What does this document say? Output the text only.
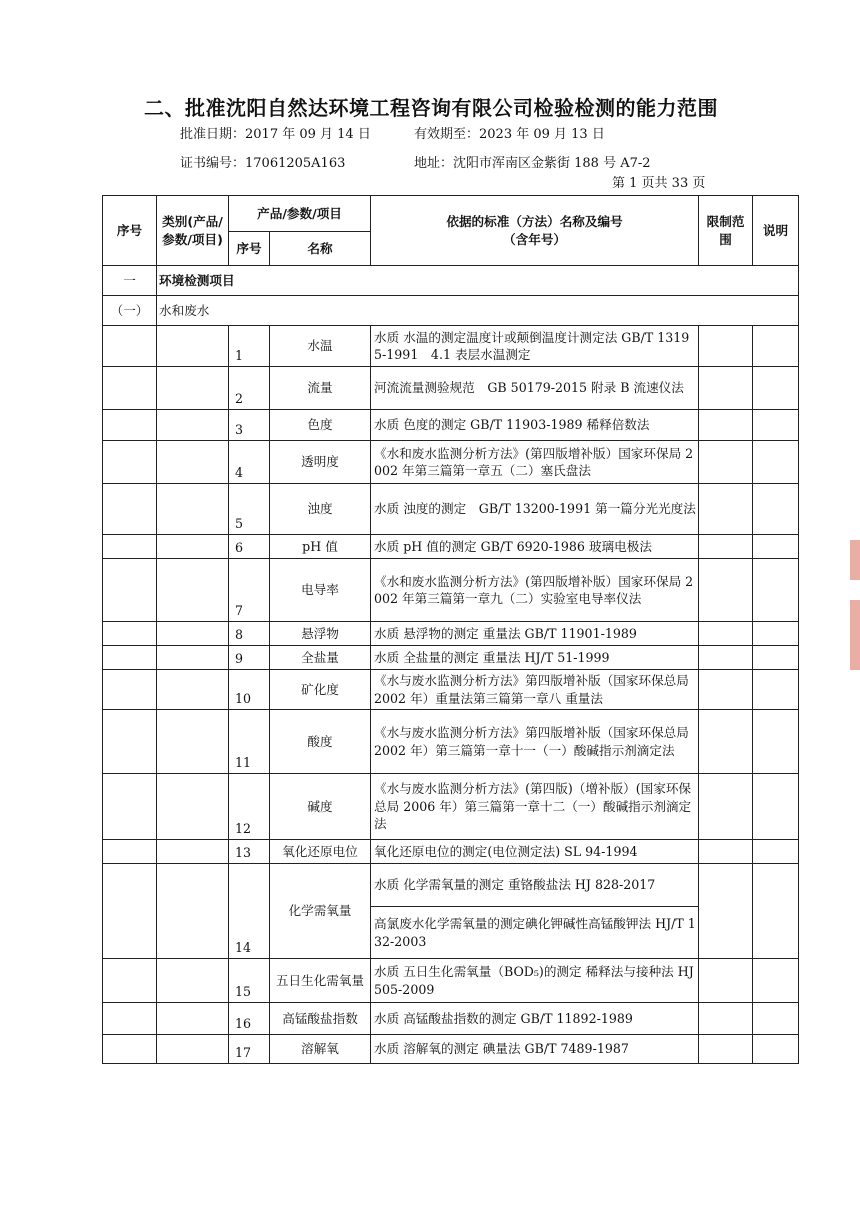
二、批准沈阳自然达环境工程咨询有限公司检验检测的能力范围
批准日期：2017 年 09 月 14 日	有效期至：2023 年 09 月 13 日
证书编号：17061205A163	地址：沈阳市浑南区金紫街 188 号 A7-2
第 1 页共 33 页
序号	类别(产品/参数/项目)	产品/参数/项目		依据的标准（方法）名称及编号（含年号）	限制范围	说明
		序号	名称			
一	环境检测项目					
（一）	水和废水					
		1	水温	水质 水温的测定温度计或颠倒温度计测定法 GB/T 13195-1991　4.1 表层水温测定		
		2	流量	河流流量测验规范　GB 50179-2015 附录 B 流速仪法		
		3	色度	水质 色度的测定 GB/T 11903-1989 稀释倍数法		
		4	透明度	《水和废水监测分析方法》(第四版增补版）国家环保局 2002 年第三篇第一章五（二）塞氏盘法		
		5	浊度	水质 浊度的测定　GB/T 13200-1991 第一篇分光光度法		
		6	pH 值	水质 pH 值的测定 GB/T 6920-1986 玻璃电极法		
		7	电导率	《水和废水监测分析方法》(第四版增补版）国家环保局 2002 年第三篇第一章九（二）实验室电导率仪法		
		8	悬浮物	水质 悬浮物的测定 重量法 GB/T 11901-1989		
		9	全盐量	水质 全盐量的测定 重量法 HJ/T 51-1999		
		10	矿化度	《水与废水监测分析方法》第四版增补版（国家环保总局 2002 年）重量法第三篇第一章八 重量法		
		11	酸度	《水与废水监测分析方法》第四版增补版（国家环保总局 2002 年）第三篇第一章十一（一）酸碱指示剂滴定法		
		12	碱度	《水与废水监测分析方法》(第四版)（增补版）(国家环保总局 2006 年）第三篇第一章十二（一）酸碱指示剂滴定法		
		13	氧化还原电位	氧化还原电位的测定(电位测定法) SL 94-1994		
		14	化学需氧量	水质 化学需氧量的测定 重铬酸盐法 HJ 828-2017		
				高氯废水化学需氧量的测定碘化钾碱性高锰酸钾法 HJ/T 132-2003		
		15	五日生化需氧量	水质 五日生化需氧量（BOD₅)的测定 稀释法与接种法 HJ 505-2009		
		16	高锰酸盐指数	水质 高锰酸盐指数的测定 GB/T 11892-1989		
		17	溶解氧	水质 溶解氧的测定 碘量法 GB/T 7489-1987		
